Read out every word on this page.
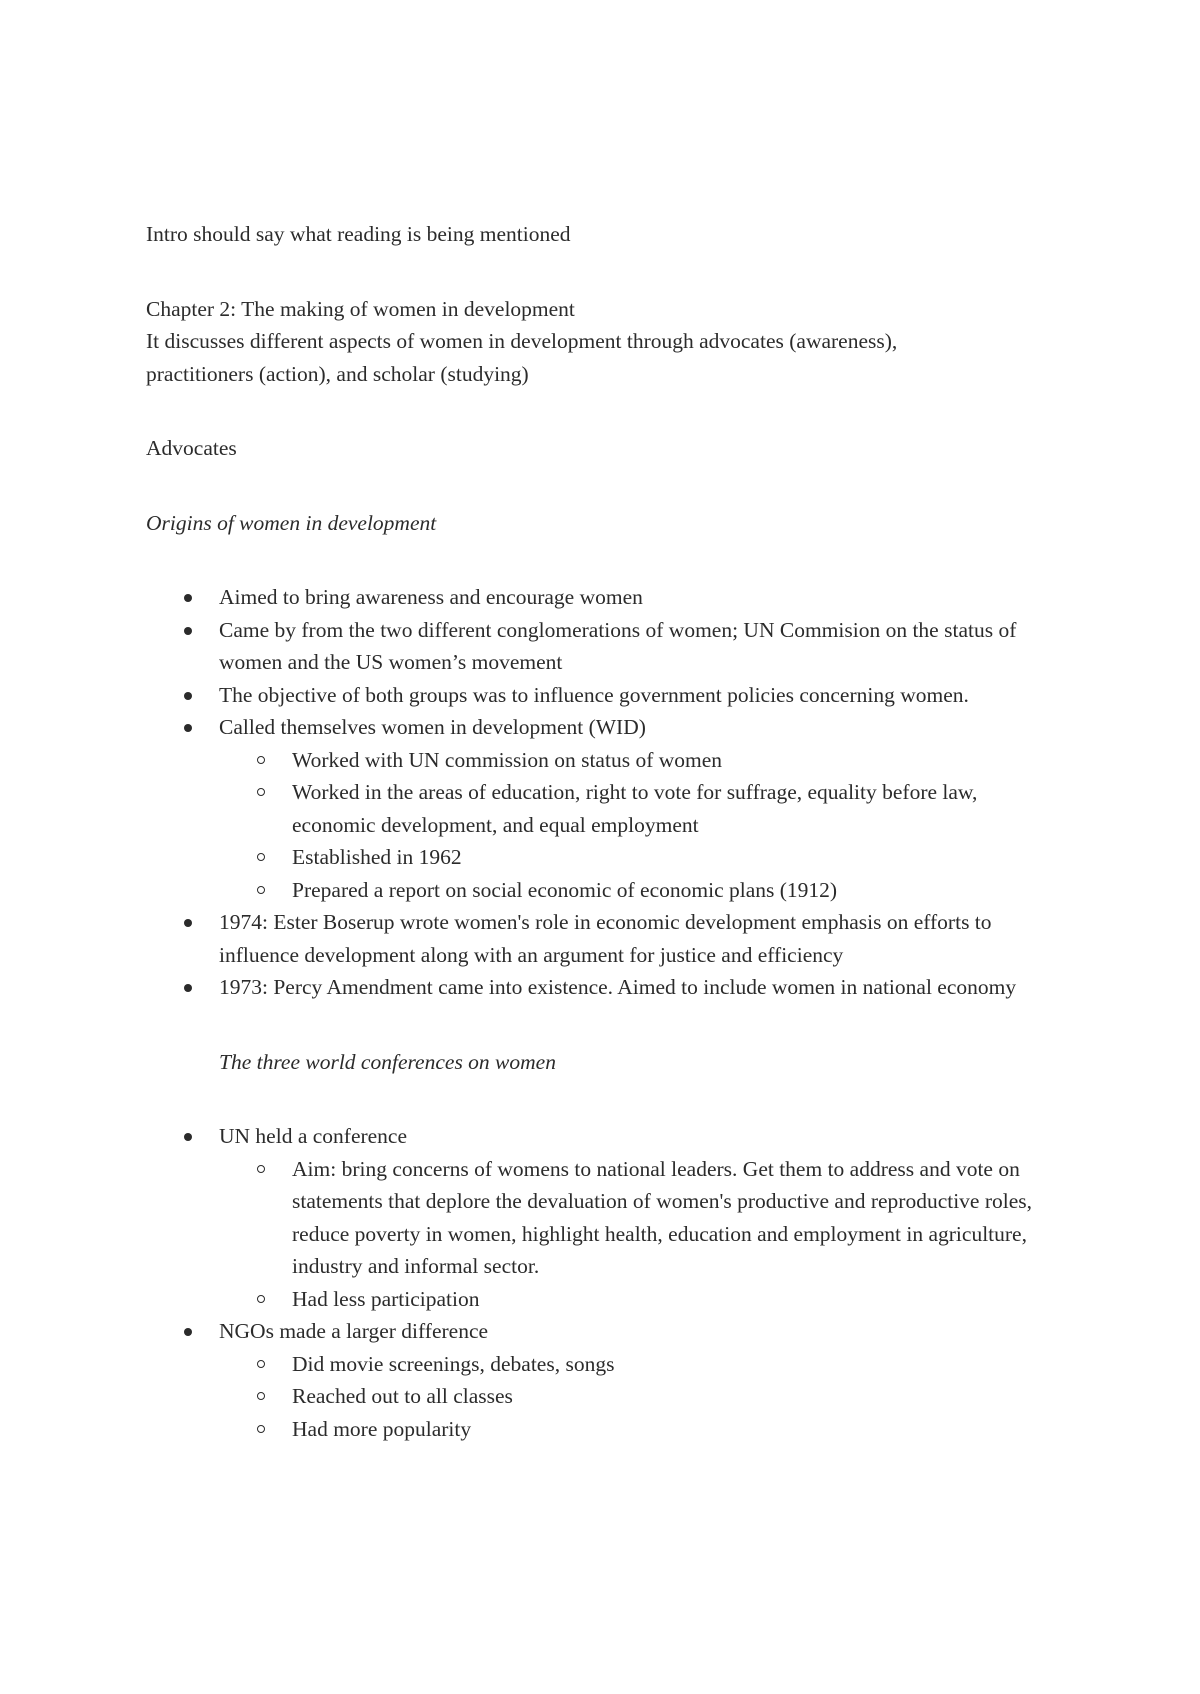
Intro should say what reading is being mentioned

Chapter 2: The making of women in development

It discusses different aspects of women in development through advocates (awareness),

practitioners (action), and scholar (studying)

Advocates

Origins of women in development

Aimed to bring awareness and encourage women
Came by from the two different conglomerations of women; UN Commision on the status of women and the US women’s movement
The objective of both groups was to influence government policies concerning women.
Called themselves women in development (WID)
Worked with UN commission on status of women
Worked in the areas of education, right to vote for suffrage, equality before law, economic development, and equal employment
Established in 1962
Prepared a report on social economic of economic plans (1912)
1974: Ester Boserup wrote women's role in economic development emphasis on efforts to influence development along with an argument for justice and efficiency
1973: Percy Amendment came into existence. Aimed to include women in national economy

The three world conferences on women

UN held a conference
Aim: bring concerns of womens to national leaders. Get them to address and vote on statements that deplore the devaluation of women's productive and reproductive roles, reduce poverty in women, highlight health, education and employment in agriculture, industry and informal sector.
Had less participation
NGOs made a larger difference
Did movie screenings, debates, songs
Reached out to all classes
Had more popularity
